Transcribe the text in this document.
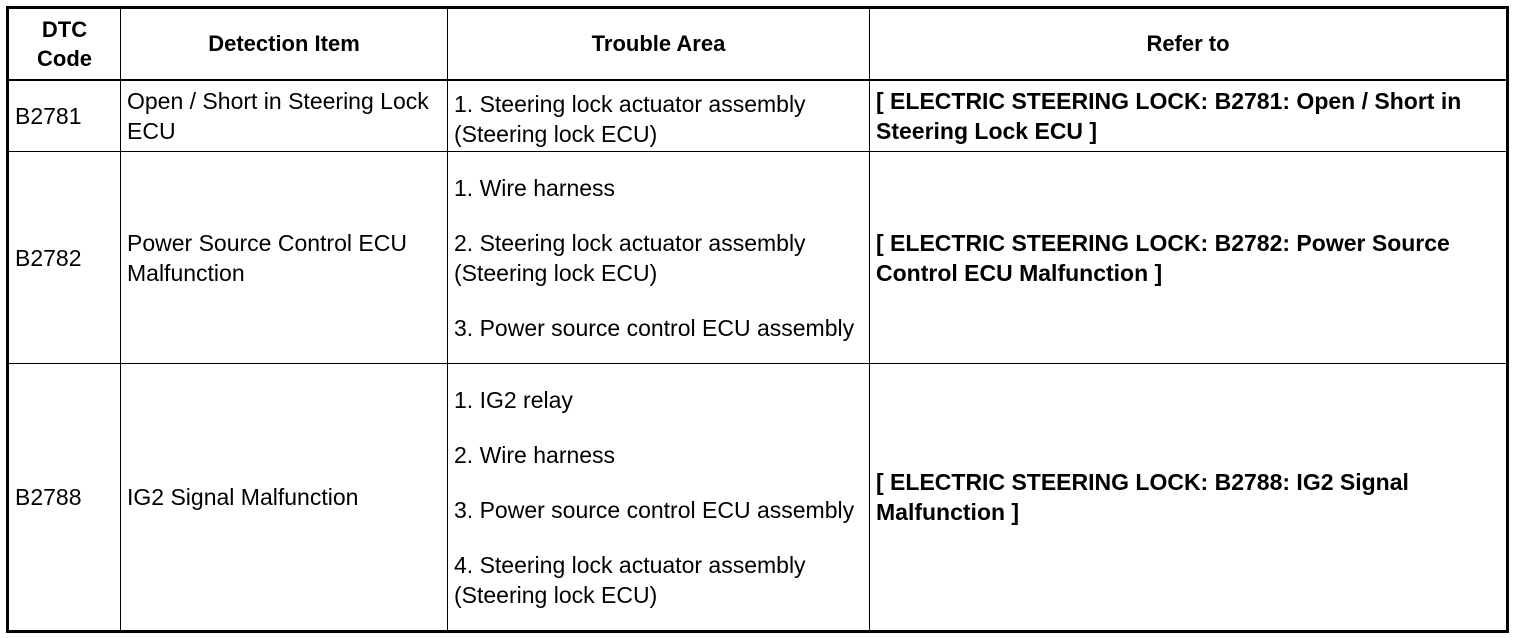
DTC Code	Detection Item	Trouble Area	Refer to
B2781	Open / Short in Steering Lock ECU	1. Steering lock actuator assembly (Steering lock ECU)	[ ELECTRIC STEERING LOCK: B2781: Open / Short in Steering Lock ECU ]
B2782	Power Source Control ECU Malfunction	1. Wire harness
2. Steering lock actuator assembly (Steering lock ECU)
3. Power source control ECU assembly	[ ELECTRIC STEERING LOCK: B2782: Power Source Control ECU Malfunction ]
B2788	IG2 Signal Malfunction	1. IG2 relay
2. Wire harness
3. Power source control ECU assembly
4. Steering lock actuator assembly (Steering lock ECU)	[ ELECTRIC STEERING LOCK: B2788: IG2 Signal Malfunction ]
